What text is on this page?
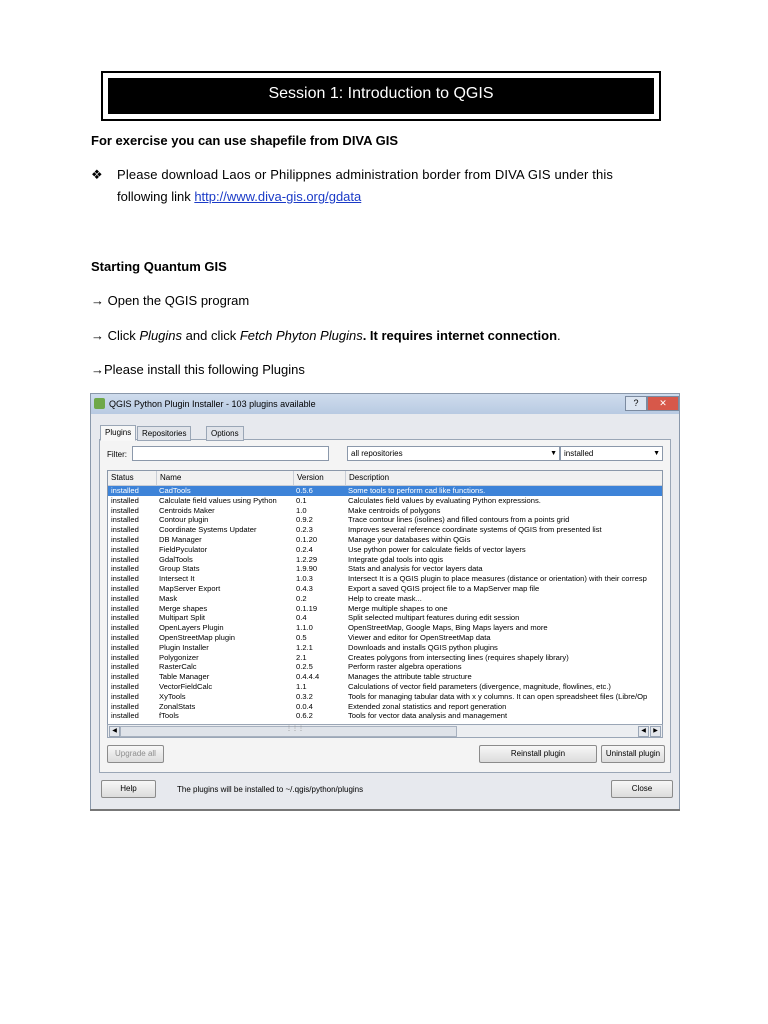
Session 1: Introduction to QGIS
For exercise you can use shapefile from DIVA GIS
❖ Please download Laos or Philippnes administration border from DIVA GIS under this
following link http://www.diva-gis.org/gdata
Starting Quantum GIS
→ Open the QGIS program
→ Click Plugins and click Fetch Phyton Plugins. It requires internet connection.
→Please install this following Plugins
QGIS Python Plugin Installer - 103 plugins available	?	✕
Plugins	Repositories	Options
Filter:	all repositories	▼ installed	▼
Status	Name	Version	Description
installed	CadTools	0.5.6	Some tools to perform cad like functions.
installed	Calculate field values using Python	0.1	Calculates field values by evaluating Python expressions.
installed	Centroids Maker	1.0	Make centroids of polygons
installed	Contour plugin	0.9.2	Trace contour lines (isolines) and filled contours from a points grid
installed	Coordinate Systems Updater	0.2.3	Improves several reference coordinate systems of QGIS from presented list
installed	DB Manager	0.1.20	Manage your databases within QGis
installed	FieldPyculator	0.2.4	Use python power for calculate fields of vector layers
installed	GdalTools	1.2.29	Integrate gdal tools into qgis
installed	Group Stats	1.9.90	Stats and analysis for vector layers data
installed	Intersect It	1.0.3	Intersect It is a QGIS plugin to place measures (distance or orientation) with their corresp
installed	MapServer Export	0.4.3	Export a saved QGIS project file to a MapServer map file
installed	Mask	0.2	Help to create mask...
installed	Merge shapes	0.1.19	Merge multiple shapes to one
installed	Multipart Split	0.4	Split selected multipart features during edit session
installed	OpenLayers Plugin	1.1.0	OpenStreetMap, Google Maps, Bing Maps layers and more
installed	OpenStreetMap plugin	0.5	Viewer and editor for OpenStreetMap data
installed	Plugin Installer	1.2.1	Downloads and installs QGIS python plugins
installed	Polygonizer	2.1	Creates polygons from intersecting lines (requires shapely library)
installed	RasterCalc	0.2.5	Perform raster algebra operations
installed	Table Manager	0.4.4.4	Manages the attribute table structure
installed	VectorFieldCalc	1.1	Calculations of vector field parameters (divergence, magnitude, flowlines, etc.)
installed	XyTools	0.3.2	Tools for managing tabular data with x y columns. It can open spreadsheet files (Libre/Op
installed	ZonalStats	0.0.4	Extended zonal statistics and report generation
installed	fTools	0.6.2	Tools for vector data analysis and management
◀	⋮⋮⋮	◀	▶
Upgrade all	Reinstall plugin	Uninstall plugin
Help	The plugins will be installed to ~/.qgis/python/plugins	Close
